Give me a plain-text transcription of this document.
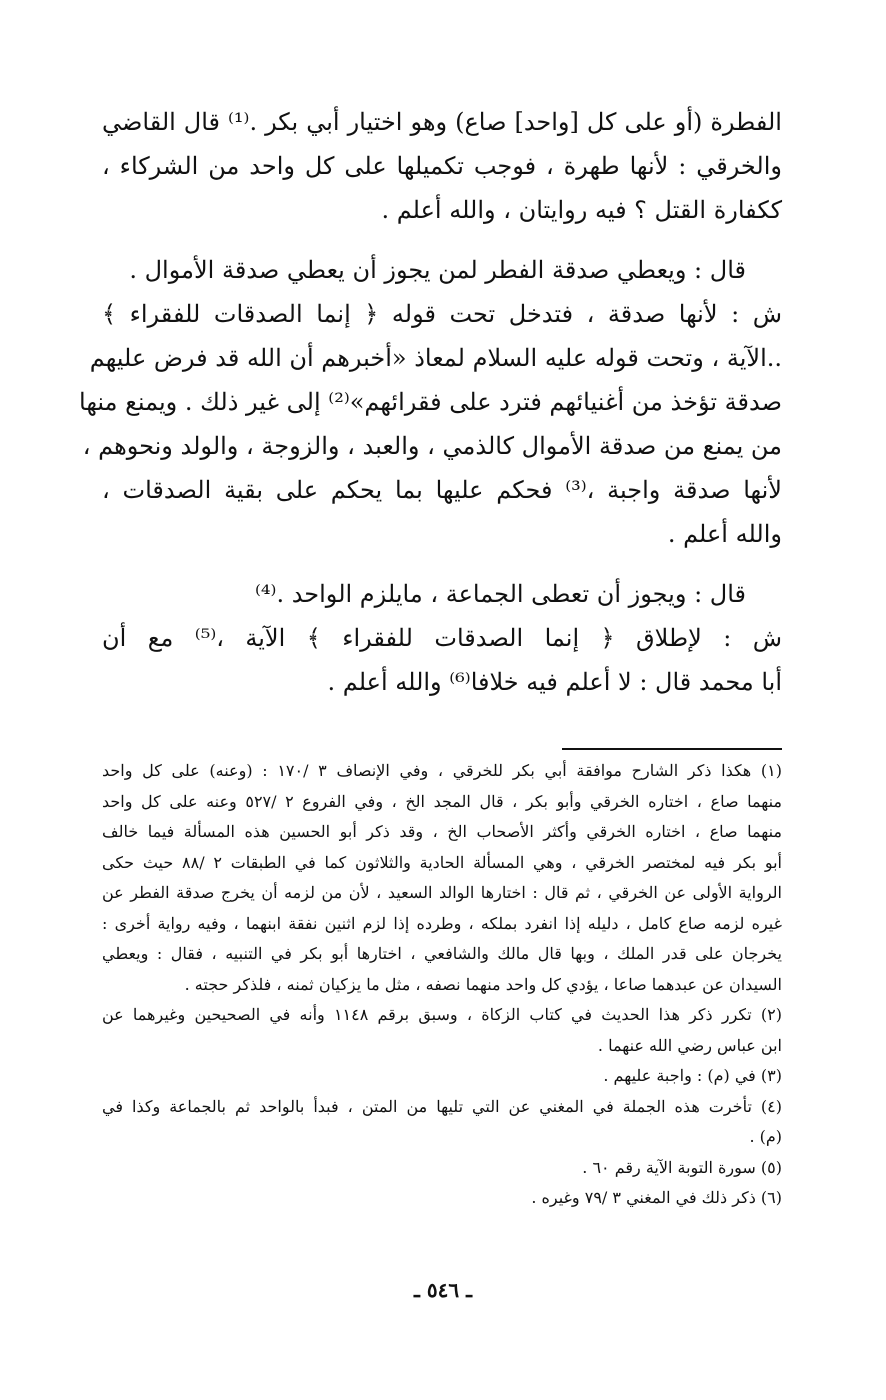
الفطرة (أو على كل [واحد] صاع) وهو اختيار أبي بكر .⁽¹⁾ قال القاضي
والخرقي : لأنها طهرة ، فوجب تكميلها على كل واحد من الشركاء ،
ككفارة القتل ؟ فيه روايتان ، والله أعلم .
قال : ويعطي صدقة الفطر لمن يجوز أن يعطي صدقة الأموال .
ش : لأنها صدقة ، فتدخل تحت قوله ﴿ إنما الصدقات للفقراء ﴾
..الآية ، وتحت قوله عليه السلام لمعاذ «أخبرهم أن الله قد فرض عليهم
صدقة تؤخذ من أغنيائهم فترد على فقرائهم»⁽²⁾ إلى غير ذلك . ويمنع منها
من يمنع من صدقة الأموال كالذمي ، والعبد ، والزوجة ، والولد ونحوهم ،
لأنها صدقة واجبة ،⁽³⁾ فحكم عليها بما يحكم على بقية الصدقات ،
والله أعلم .
قال : ويجوز أن تعطى الجماعة ، مايلزم الواحد .⁽⁴⁾
ش : لإطلاق ﴿ إنما الصدقات للفقراء ﴾ الآية ،⁽⁵⁾ مع أن
أبا محمد قال : لا أعلم فيه خلافا⁽⁶⁾ والله أعلم .
(١) هكذا ذكر الشارح موافقة أبي بكر للخرقي ، وفي الإنصاف ٣ /١٧٠ : (وعنه) على كل واحد
منهما صاع ، اختاره الخرقي وأبو بكر ، قال المجد الخ ، وفي الفروع ٢ /٥٢٧ وعنه على كل واحد
منهما صاع ، اختاره الخرقي وأكثر الأصحاب الخ ، وقد ذكر أبو الحسين هذه المسألة فيما خالف
أبو بكر فيه لمختصر الخرقي ، وهي المسألة الحادية والثلاثون كما في الطبقات ٢ /٨٨ حيث حكى
الرواية الأولى عن الخرقي ، ثم قال : اختارها الوالد السعيد ، لأن من لزمه أن يخرج صدقة الفطر عن
غيره لزمه صاع كامل ، دليله إذا انفرد بملكه ، وطرده إذا لزم اثنين نفقة ابنهما ، وفيه رواية أخرى :
يخرجان على قدر الملك ، وبها قال مالك والشافعي ، اختارها أبو بكر في التنبيه ، فقال : ويعطي
السيدان عن عبدهما صاعا ، يؤدي كل واحد منهما نصفه ، مثل ما يزكيان ثمنه ، فلذكر حجته .
(٢) تكرر ذكر هذا الحديث في كتاب الزكاة ، وسبق برقم ١١٤٨ وأنه في الصحيحين وغيرهما عن
ابن عباس رضي الله عنهما .
(٣) في (م) : واجبة عليهم .
(٤) تأخرت هذه الجملة في المغني عن التي تليها من المتن ، فبدأ بالواحد ثم بالجماعة وكذا في
(م) .
(٥) سورة التوبة الآية رقم ٦٠ .
(٦) ذكر ذلك في المغني ٣ /٧٩ وغيره .
ـ ٥٤٦ ـ
